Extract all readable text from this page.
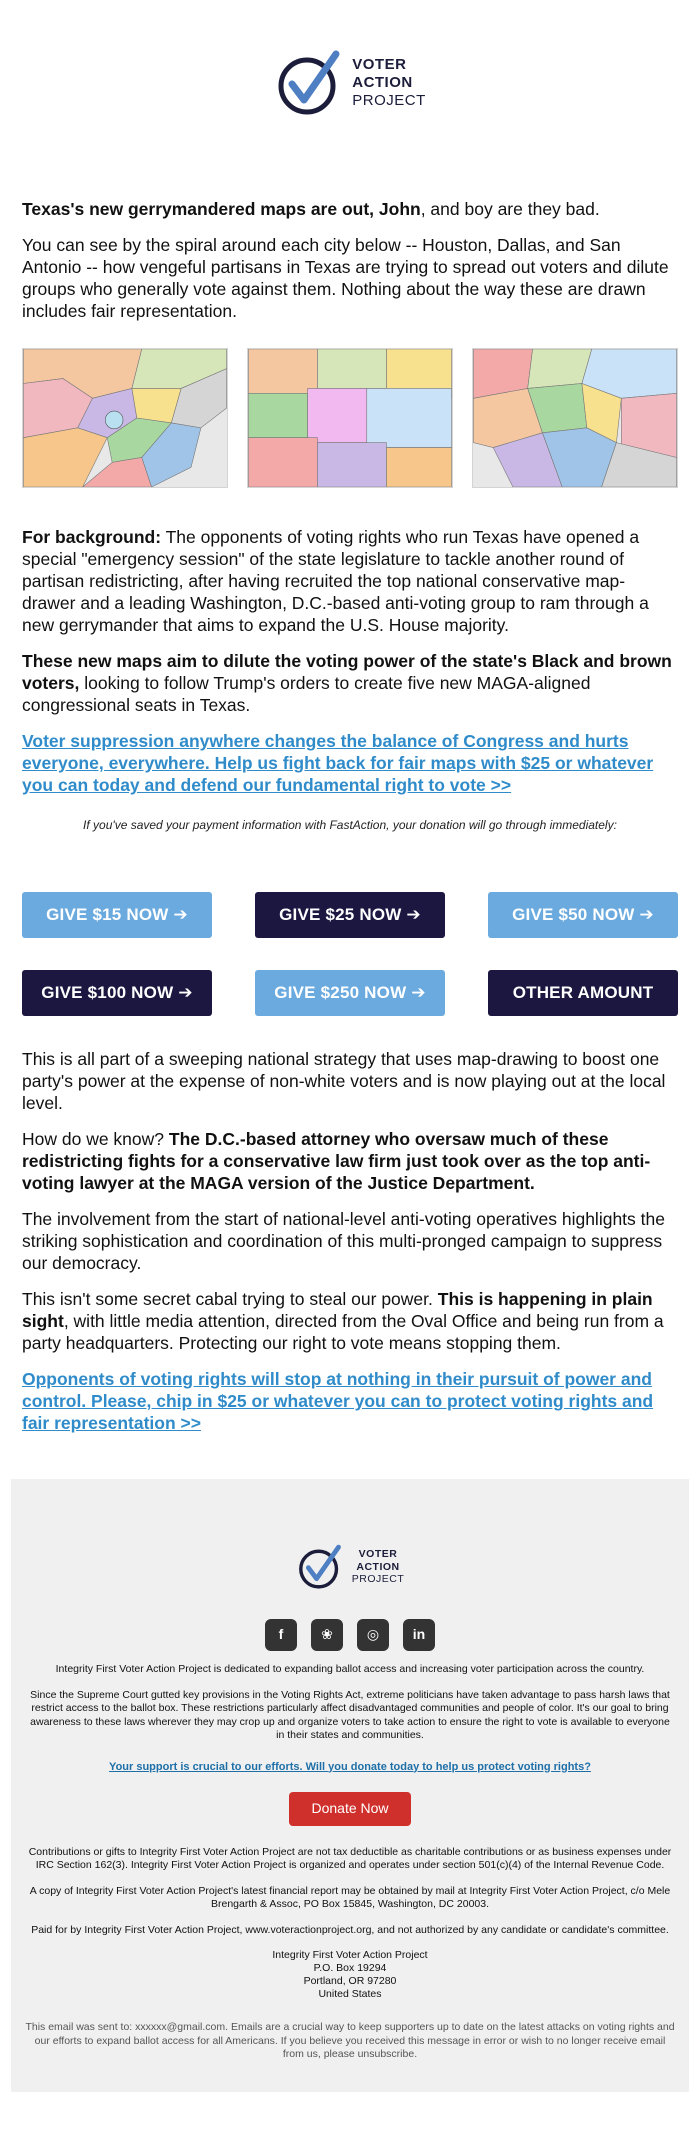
VOTER
ACTION
PROJECT

Texas's new gerrymandered maps are out, John, and boy are they bad.

You can see by the spiral around each city below -- Houston, Dallas, and San Antonio -- how vengeful partisans in Texas are trying to spread out voters and dilute groups who generally vote against them. Nothing about the way these are drawn includes fair representation.

For background: The opponents of voting rights who run Texas have opened a special "emergency session" of the state legislature to tackle another round of partisan redistricting, after having recruited the top national conservative map-drawer and a leading Washington, D.C.-based anti-voting group to ram through a new gerrymander that aims to expand the U.S. House majority.

These new maps aim to dilute the voting power of the state's Black and brown voters, looking to follow Trump's orders to create five new MAGA-aligned congressional seats in Texas.

Voter suppression anywhere changes the balance of Congress and hurts everyone, everywhere. Help us fight back for fair maps with $25 or whatever you can today and defend our fundamental right to vote >>

If you've saved your payment information with FastAction, your donation will go through immediately:

GIVE $15 NOW ➔	GIVE $25 NOW ➔	GIVE $50 NOW ➔
GIVE $100 NOW ➔	GIVE $250 NOW ➔	OTHER AMOUNT

This is all part of a sweeping national strategy that uses map-drawing to boost one party's power at the expense of non-white voters and is now playing out at the local level.

How do we know? The D.C.-based attorney who oversaw much of these redistricting fights for a conservative law firm just took over as the top anti-voting lawyer at the MAGA version of the Justice Department.

The involvement from the start of national-level anti-voting operatives highlights the striking sophistication and coordination of this multi-pronged campaign to suppress our democracy.

This isn't some secret cabal trying to steal our power. This is happening in plain sight, with little media attention, directed from the Oval Office and being run from a party headquarters. Protecting our right to vote means stopping them.

Opponents of voting rights will stop at nothing in their pursuit of power and control. Please, chip in $25 or whatever you can to protect voting rights and fair representation >>
VOTER
ACTION
PROJECT
f	❀	◎	in

Integrity First Voter Action Project is dedicated to expanding ballot access and increasing voter participation across the country.

Since the Supreme Court gutted key provisions in the Voting Rights Act, extreme politicians have taken advantage to pass harsh laws that restrict access to the ballot box. These restrictions particularly affect disadvantaged communities and people of color. It's our goal to bring awareness to these laws wherever they may crop up and organize voters to take action to ensure the right to vote is available to everyone in their states and communities.

Your support is crucial to our efforts. Will you donate today to help us protect voting rights?
Donate Now

Contributions or gifts to Integrity First Voter Action Project are not tax deductible as charitable contributions or as business expenses under IRC Section 162(3). Integrity First Voter Action Project is organized and operates under section 501(c)(4) of the Internal Revenue Code.

A copy of Integrity First Voter Action Project's latest financial report may be obtained by mail at Integrity First Voter Action Project, c/o Mele Brengarth & Assoc, PO Box 15845, Washington, DC 20003.

Paid for by Integrity First Voter Action Project, www.voteractionproject.org, and not authorized by any candidate or candidate's committee.

Integrity First Voter Action Project
P.O. Box 19294
Portland, OR 97280
United States

This email was sent to: xxxxxx@gmail.com. Emails are a crucial way to keep supporters up to date on the latest attacks on voting rights and our efforts to expand ballot access for all Americans. If you believe you received this message in error or wish to no longer receive email from us, please unsubscribe.
